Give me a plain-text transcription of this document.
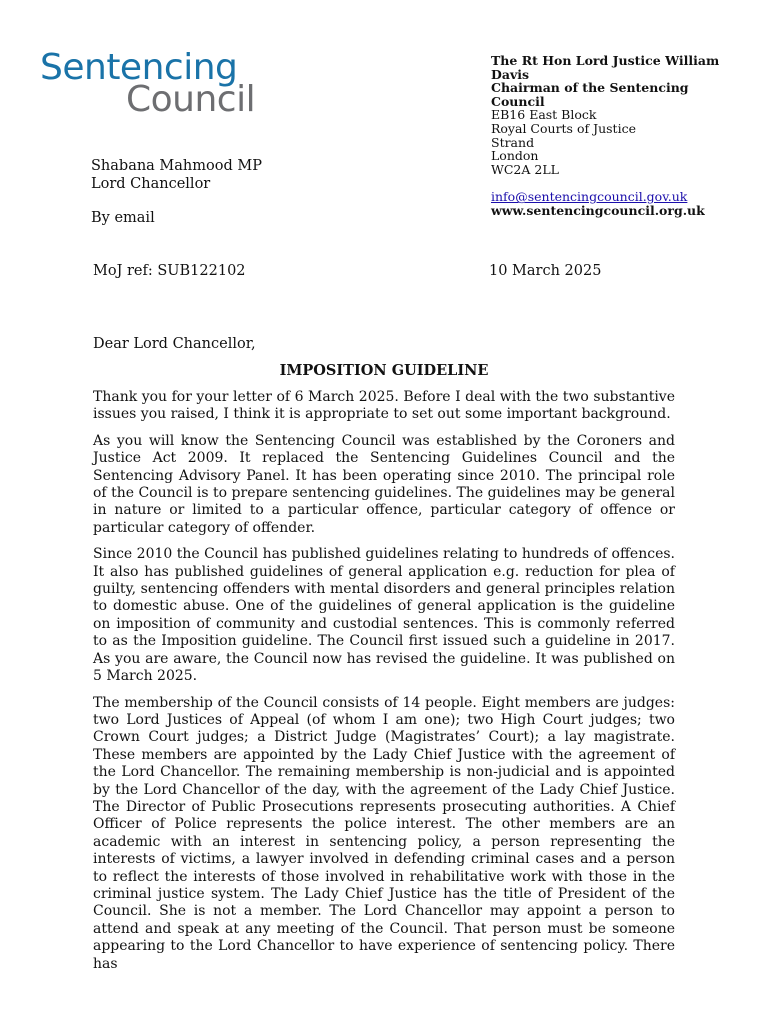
Sentencing
Council
The Rt Hon Lord Justice William Davis
Chairman of the Sentencing Council
EB16 East Block
Royal Courts of Justice
Strand
London
WC2A 2LL
info@sentencingcouncil.gov.uk
www.sentencingcouncil.org.uk
Shabana Mahmood MP
Lord Chancellor
By email
MoJ ref: SUB122102	10 March 2025
Dear Lord Chancellor,
IMPOSITION GUIDELINE

Thank you for your letter of 6 March 2025. Before I deal with the two substantive issues you raised, I think it is appropriate to set out some important background.

As you will know the Sentencing Council was established by the Coroners and Justice Act 2009. It replaced the Sentencing Guidelines Council and the Sentencing Advisory Panel. It has been operating since 2010. The principal role of the Council is to prepare sentencing guidelines. The guidelines may be general in nature or limited to a particular offence, particular category of offence or particular category of offender.

Since 2010 the Council has published guidelines relating to hundreds of offences. It also has published guidelines of general application e.g. reduction for plea of guilty, sentencing offenders with mental disorders and general principles relation to domestic abuse. One of the guidelines of general application is the guideline on imposition of community and custodial sentences. This is commonly referred to as the Imposition guideline. The Council first issued such a guideline in 2017. As you are aware, the Council now has revised the guideline. It was published on 5 March 2025.

The membership of the Council consists of 14 people. Eight members are judges: two Lord Justices of Appeal (of whom I am one); two High Court judges; two Crown Court judges; a District Judge (Magistrates’ Court); a lay magistrate. These members are appointed by the Lady Chief Justice with the agreement of the Lord Chancellor. The remaining membership is non-judicial and is appointed by the Lord Chancellor of the day, with the agreement of the Lady Chief Justice. The Director of Public Prosecutions represents prosecuting authorities. A Chief Officer of Police represents the police interest. The other members are an academic with an interest in sentencing policy, a person representing the interests of victims, a lawyer involved in defending criminal cases and a person to reflect the interests of those involved in rehabilitative work with those in the criminal justice system. The Lady Chief Justice has the title of President of the Council. She is not a member. The Lord Chancellor may appoint a person to attend and speak at any meeting of the Council. That person must be someone appearing to the Lord Chancellor to have experience of sentencing policy. There has
